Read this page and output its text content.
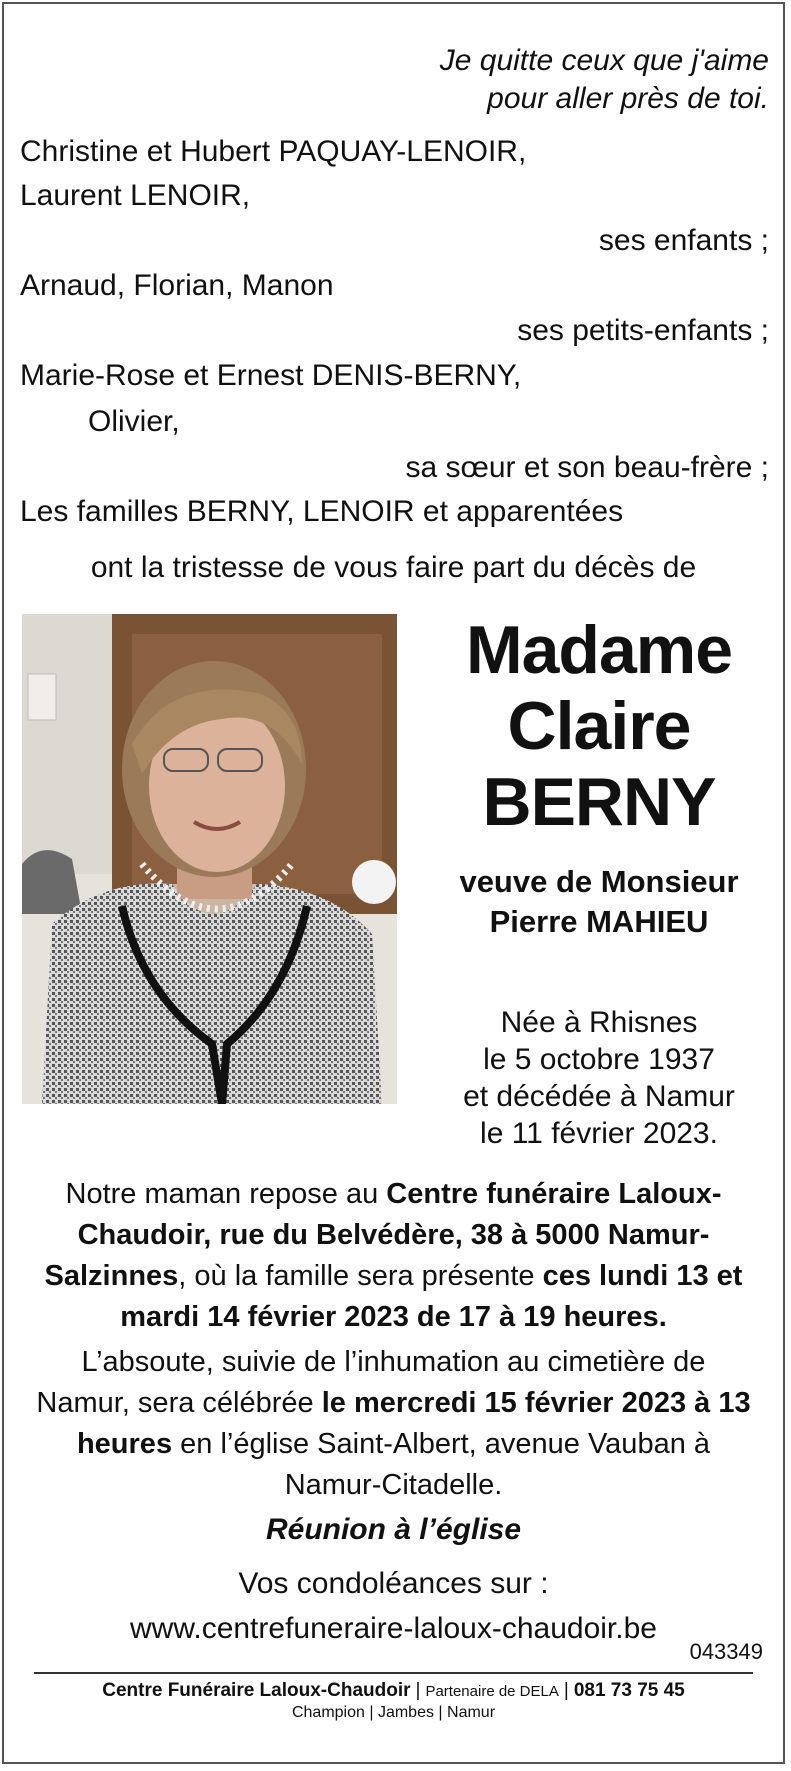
Je quitte ceux que j'aime
pour aller près de toi.
Christine et Hubert PAQUAY-LENOIR,
Laurent LENOIR,
ses enfants ;
Arnaud, Florian, Manon
ses petits-enfants ;
Marie-Rose et Ernest DENIS-BERNY,
Olivier,
sa sœur et son beau-frère ;
Les familles BERNY, LENOIR et apparentées
ont la tristesse de vous faire part du décès de
Madame
Claire
BERNY
veuve de Monsieur
Pierre MAHIEU
Née à Rhisnes
le 5 octobre 1937
et décédée à Namur
le 11 février 2023.
Notre maman repose au Centre funéraire Laloux-Chaudoir, rue du Belvédère, 38 à 5000 Namur-Salzinnes, où la famille sera présente ces lundi 13 et mardi 14 février 2023 de 17 à 19 heures.
L’absoute, suivie de l’inhumation au cimetière de Namur, sera célébrée le mercredi 15 février 2023 à 13 heures en l’église Saint-Albert, avenue Vauban à Namur-Citadelle.
Réunion à l’église
Vos condoléances sur :
www.centrefuneraire-laloux-chaudoir.be
043349
Centre Funéraire Laloux-Chaudoir | Partenaire de DELA | 081 73 75 45
Champion | Jambes | Namur
